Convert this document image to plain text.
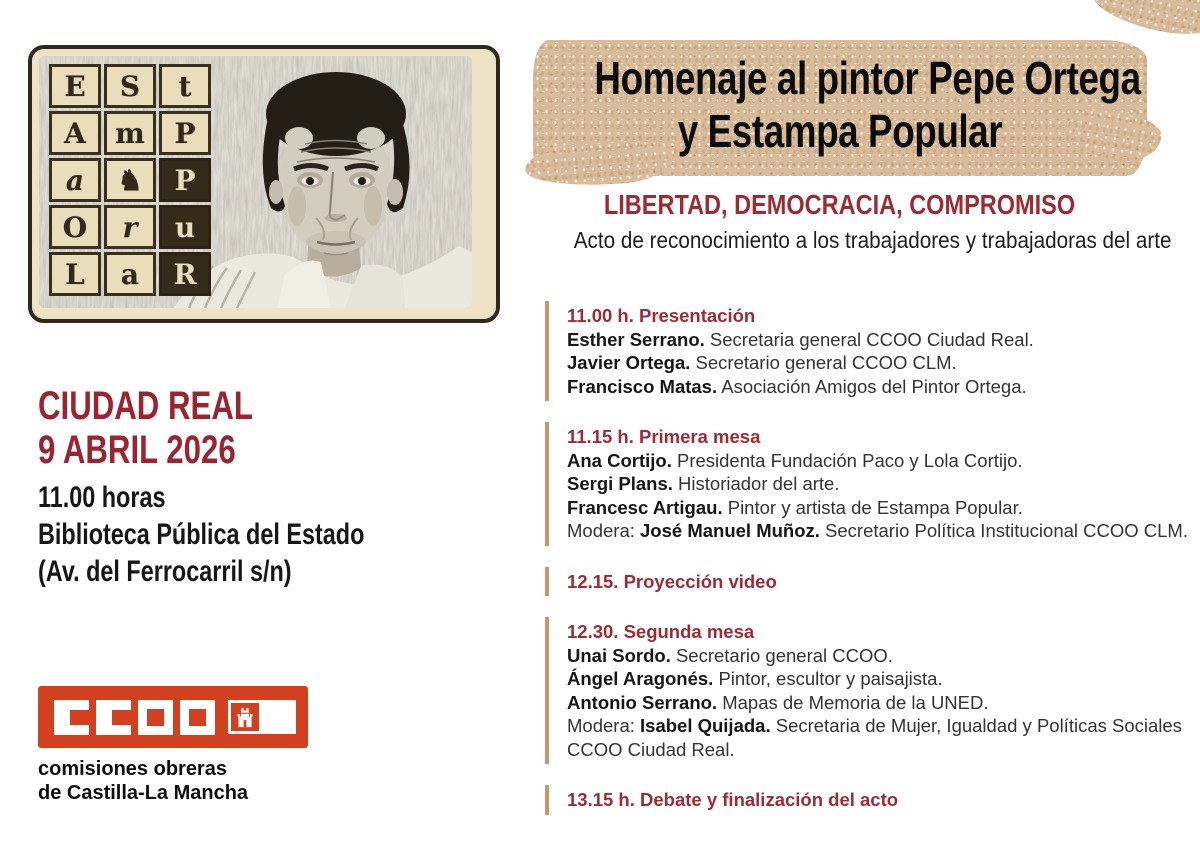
E	S	t
A	m	P
a	♞	P
O	r	u
L	a	R
CIUDAD REAL
9 ABRIL 2026
11.00 horas
Biblioteca Pública del Estado
(Av. del Ferrocarril s/n)
comisiones obreras
de Castilla-La Mancha
Homenaje al pintor Pepe Ortega
y Estampa Popular
LIBERTAD, DEMOCRACIA, COMPROMISO
Acto de reconocimiento a los trabajadores y trabajadoras del arte
11.00 h. Presentación
Esther Serrano. Secretaria general CCOO Ciudad Real.
Javier Ortega. Secretario general CCOO CLM.
Francisco Matas. Asociación Amigos del Pintor Ortega.
11.15 h. Primera mesa
Ana Cortijo. Presidenta Fundación Paco y Lola Cortijo.
Sergi Plans. Historiador del arte.
Francesc Artigau. Pintor y artista de Estampa Popular.
Modera: José Manuel Muñoz. Secretario Política Institucional CCOO CLM.
12.15. Proyección video
12.30. Segunda mesa
Unai Sordo. Secretario general CCOO.
Ángel Aragonés. Pintor, escultor y paisajista.
Antonio Serrano. Mapas de Memoria de la UNED.
Modera: Isabel Quijada. Secretaria de Mujer, Igualdad y Políticas Sociales CCOO Ciudad Real.
13.15 h. Debate y finalización del acto
